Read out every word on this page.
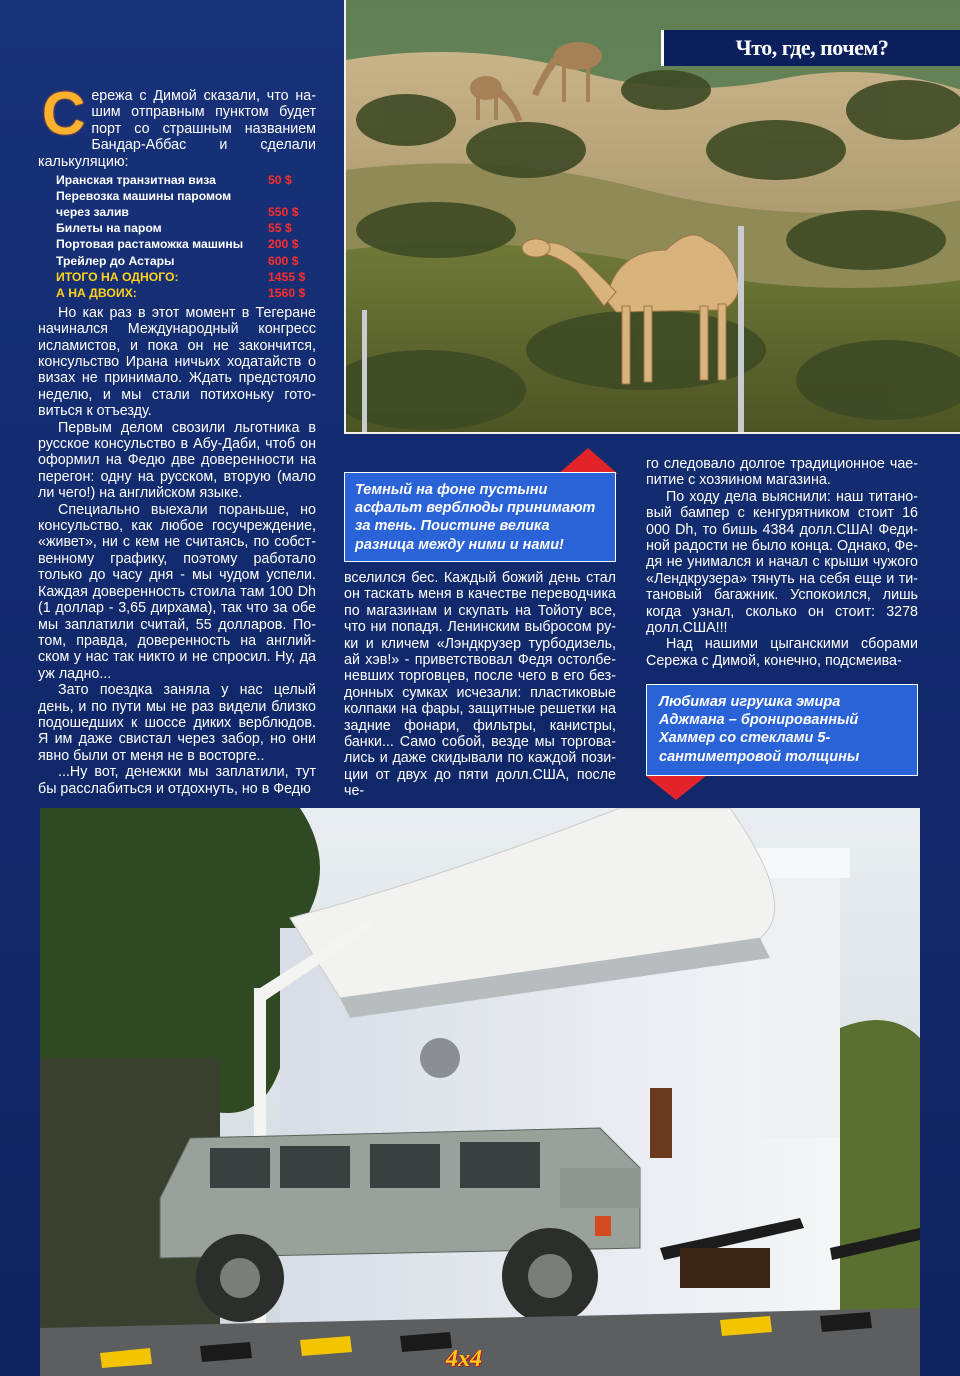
Что, где, почем?

Сережа с Димой сказали, что на-шим отправным пунктом будет порт со страшным названием Бандар-Аббас и сделали калькуляцию:

Иранская транзитная виза	50 $
Перевозка машины паромом через залив	550 $
Билеты на паром	55 $
Портовая растаможка машины	200 $
Трейлер до Астары	600 $
ИТОГО НА ОДНОГО:	1455 $
А НА ДВОИХ:	1560 $

Но как раз в этот момент в Тегеране начинался Международный конгресс исламистов, и пока он не закончится, консульство Ирана ничьих ходатайств о визах не принимало. Ждать предстояло неделю, и мы стали потихоньку гото-виться к отъезду.

Первым делом свозили льготника в русское консульство в Абу-Даби, чтоб он оформил на Федю две доверенности на перегон: одну на русском, вторую (мало ли чего!) на английском языке.

Специально выехали пораньше, но консульство, как любое госучреждение, «живет», ни с кем не считаясь, по собст-венному графику, поэтому работало только до часу дня - мы чудом успели. Каждая доверенность стоила там 100 Dh (1 доллар - 3,65 дирхама), так что за обе мы заплатили считай, 55 долларов. По-том, правда, доверенность на англий-ском у нас так никто и не спросил. Ну, да уж ладно...

Зато поездка заняла у нас целый день, и по пути мы не раз видели близко подошедших к шоссе диких верблюдов. Я им даже свистал через забор, но они явно были от меня не в восторге..

...Ну вот, денежки мы заплатили, тут бы расслабиться и отдохнуть, но в Федю

Темный на фоне пустыни асфальт верблюды принимают за тень. Поистине велика разница между ними и нами!

вселился бес. Каждый божий день стал он таскать меня в качестве переводчика по магазинам и скупать на Тойоту все, что ни попадя. Ленинским выбросом ру-ки и кличем «Лэндкрузер турбодизель, ай хэв!» - приветствовал Федя остолбе-невших торговцев, после чего в его без-донных сумках исчезали: пластиковые колпаки на фары, защитные решетки на задние фонари, фильтры, канистры, банки... Само собой, везде мы торгова-лись и даже скидывали по каждой пози-ции от двух до пяти долл.США, после че-

го следовало долгое традиционное чае-питие с хозяином магазина.

По ходу дела выяснили: наш титано-вый бампер с кенгурятником стоит 16 000 Dh, то бишь 4384 долл.США! Феди-ной радости не было конца. Однако, Фе-дя не унимался и начал с крыши чужого «Лендкрузера» тянуть на себя еще и ти-тановый багажник. Успокоился, лишь когда узнал, сколько он стоит: 3278 долл.США!!!

Над нашими цыганскими сборами Сережа с Димой, конечно, подсмеива-

Любимая игрушка эмира Аджмана – бронированный Хаммер со стеклами 5-сантиметровой толщины
4x4
